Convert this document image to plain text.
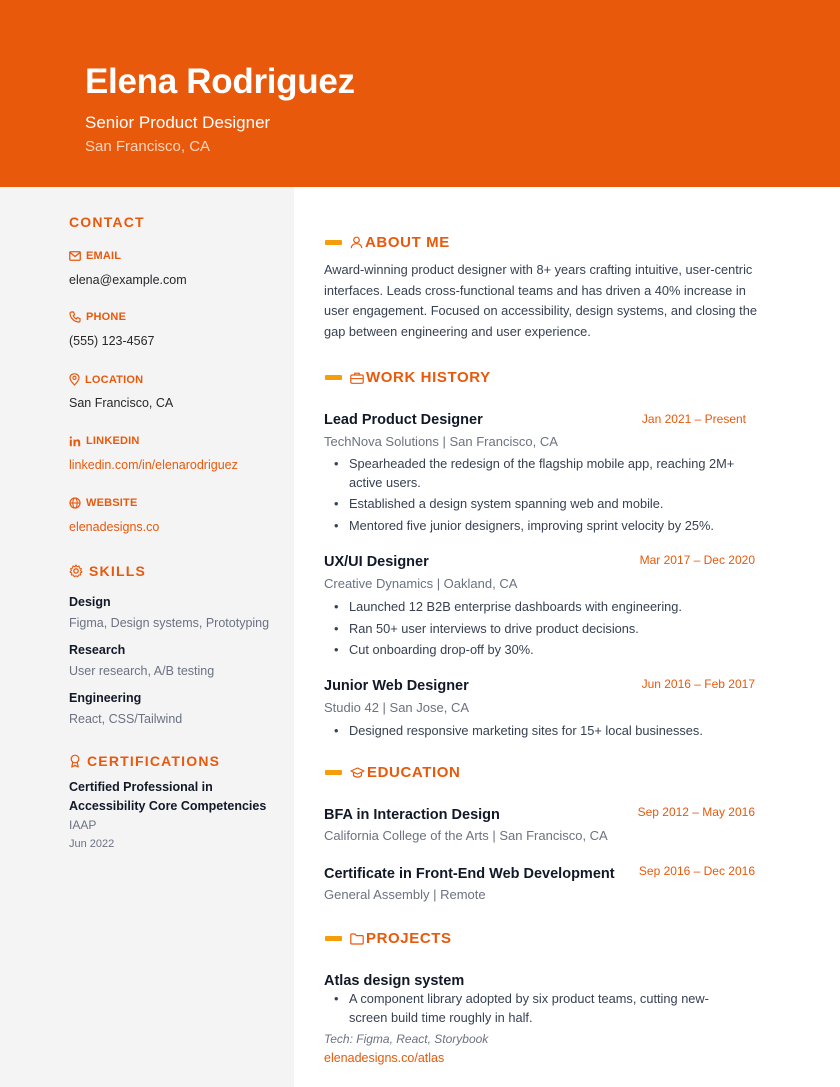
Elena Rodriguez
Senior Product Designer
San Francisco, CA
CONTACT
EMAIL
elena@example.com
PHONE
(555) 123-4567
LOCATION
San Francisco, CA
LINKEDIN
linkedin.com/in/elenarodriguez
WEBSITE
elenadesigns.co
SKILLS
Design
Figma, Design systems, Prototyping
Research
User research, A/B testing
Engineering
React, CSS/Tailwind
CERTIFICATIONS
Certified Professional in Accessibility Core Competencies
IAAP
Jun 2022
ABOUT ME
Award-winning product designer with 8+ years crafting intuitive, user-centric interfaces. Leads cross-functional teams and has driven a 40% increase in user engagement. Focused on accessibility, design systems, and closing the gap between engineering and user experience.
WORK HISTORY
Lead Product Designer	Jan 2021 – Present
TechNova Solutions | San Francisco, CA
• Spearheaded the redesign of the flagship mobile app, reaching 2M+ active users.
• Established a design system spanning web and mobile.
• Mentored five junior designers, improving sprint velocity by 25%.
UX/UI Designer	Mar 2017 – Dec 2020
Creative Dynamics | Oakland, CA
• Launched 12 B2B enterprise dashboards with engineering.
• Ran 50+ user interviews to drive product decisions.
• Cut onboarding drop-off by 30%.
Junior Web Designer	Jun 2016 – Feb 2017
Studio 42 | San Jose, CA
• Designed responsive marketing sites for 15+ local businesses.
EDUCATION
BFA in Interaction Design	Sep 2012 – May 2016
California College of the Arts | San Francisco, CA
Certificate in Front-End Web Development Sep 2016 – Dec 2016
General Assembly | Remote
PROJECTS
Atlas design system
• A component library adopted by six product teams, cutting new-screen build time roughly in half.
Tech: Figma, React, Storybook
elenadesigns.co/atlas
